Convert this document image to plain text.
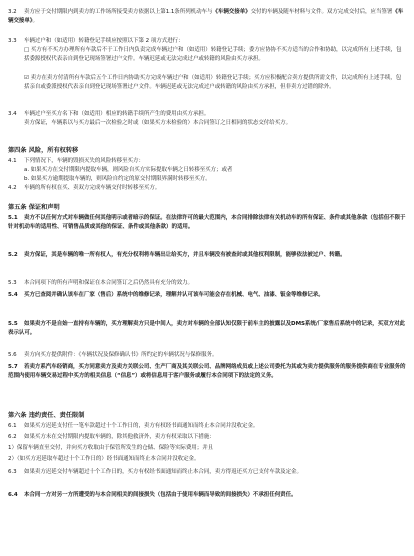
3.2 卖方应于交付期限内到卖方的工作场所接受卖方依据以上第1.1条所列机动车与《车辆交接单》交付的车辆及随车材料与文件。双方完成交付后，应当签署《车辆交接单》。
3.3 车辆过户和（如适用）转籍登记手续应按照以下第 2 项方式进行：
□ 买方有不买方办理所有车款后不于工作日内负责完成车辆过户和（如适用）转籍登记手续；委方应协协不买方适当的合作和协助，以完成所有上述手续，包括委源授权代表亲自到登记现场签署过户文件。车辆迟延或无法完成过户或转籍的风险由买方承担。
☑ 卖方在卖方付清所有车款后五个工作日内协助买方完成车辆过户和（如适用）转籍登记手续；买方应积极配合卖方提供所需文件，以完成所有上述手续，包括亲自或委派授权代表亲自到登记现场签署过户文件。车辆迟延或无法完成过户或转籍的风险由买方承担，但非卖方过错的除外。
3.4 车辆过户至买方名下和（如适用）相应的转籍手续所产生的费用由买方承担。
卖方保证，车辆系以与买方最后一次检验之时或（如果买方未检验的）本合同签订之日相同的状态交付给买方。
第四条 风险，所有权转移
4.1 下列情况下，车辆的毁损灭失的风险转移至买方：
a. 如果买方在交付期限内提取车辆，则风险自买方实际提取车辆之日转移至买方；或者
b. 如果买方逾期提取车辆的，则风险自约定的原交付期限界满时转移至买方。
4.2 车辆的所有权在买、卖双方完成车辆交付时转移至买方。
第五条 保证和声明
5.1 卖方不以任何方式对车辆做任何其他明示或者暗示的保证。在法律许可的最大范围内，本合同排除法律有关机动车的所有保证、条件或其他条款（包括但不限于针对机动车的适用性、可销售品质或其他的保证、条件或其他条款）的适用。
5.2 卖方保证，其是车辆的唯一所有权人，有充分权利将车辆出让给买方，并且车辆没有被查封或其他权利限制，能够依法被过户、转籍。
5.3 本合同项下的所有声明和保证在本合同签订之后仍然具有充分的效力。
5.4 买方已查阅并确认该车在厂家（售后）系统中的维修记录，理解并认可该车可能会存在机械、电气、油漆、钣金等维修记录。
5.5 如果卖方不是自始一直持有车辆的，买方理解卖方只是中间人，卖方对车辆的全部认知仅限于前车主的披露以及DMS系统/厂家售后系统中的记录，买双方对此表示认可。
5.6 卖方向买方提供附件：《车辆状况及保修确认书》所约定的车辆状况与保修服务。
5.7 若卖方系汽车经销商，买方同意卖方及卖方关联公司、生产厂商及其关联公司、品牌网络成员或上述公司委托为其或为卖方提供服务的服务提供商在专业服务的范围内使用车辆交易过程中买方的相关信息（“信息”）或将信息用于客户服务或履行本合同项下的法定的义务。
第六条 违约责任、责任限制
6.1 如果买方迟延支付任一笔车款超过十个工作日的，卖方有权经书面通知而终止本合同并没收定金。
6.2 如果买方未在交付期限内提取车辆的，除其他救济外，卖方有权采取以下措施：
1）保留车辆直至交付，并向买方收取由于保管所发生的仓储、保险等实际费用；并且
2）（如买方迟延取车超过十个工作日的）经书面通知而终止本合同并没收定金。
6.3 如果卖方迟延交付车辆超过十个工作日的，买方有权经书面通知而终止本合同，卖方得返还买方已支付车款及定金。
6.4 本合同一方对另一方所遭受的与本合同相关的间接损失（包括由于使用车辆而导致的间接损失）不承担任何责任。
